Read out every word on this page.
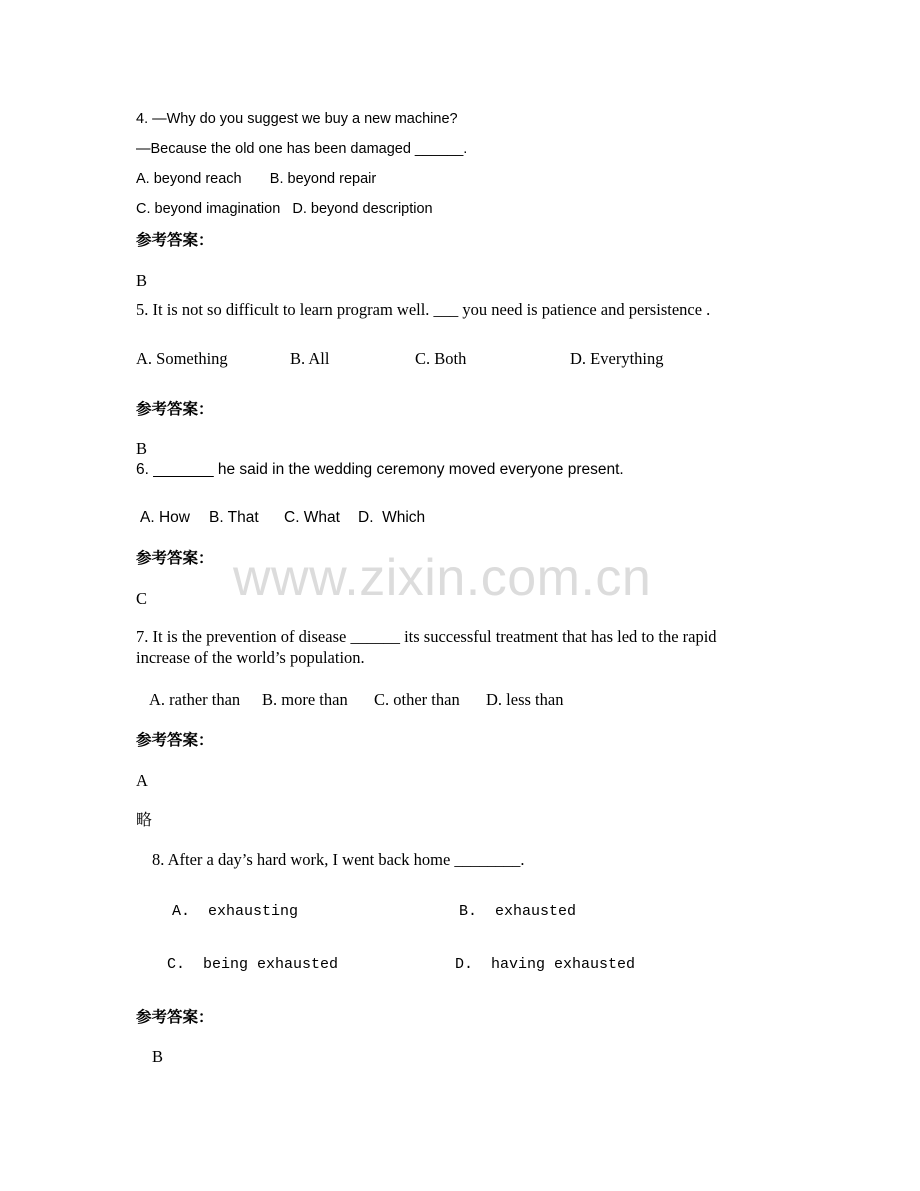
www.zixin.com.cn
4. —Why do you suggest we buy a new machine?
—Because the old one has been damaged ______.
A. beyond reach       B. beyond repair
C. beyond imagination   D. beyond description
参考答案：
B
5. It is not so difficult to learn program well. ___ you need is patience and persistence .
A. Something	B. All	C. Both	D. Everything
参考答案：
B
6. _______ he said in the wedding ceremony moved everyone present.
A. How B. That C. What D.  Which
参考答案：
C
7. It is the prevention of disease ______ its successful treatment that has led to the rapid
increase of the world’s population.
A. rather than B. more than C. other than D. less than
参考答案：
A
略
8. After a day’s hard work, I went back home ________.
A.  exhausting	B.  exhausted
C.  being exhausted	D.  having exhausted
参考答案：
B
